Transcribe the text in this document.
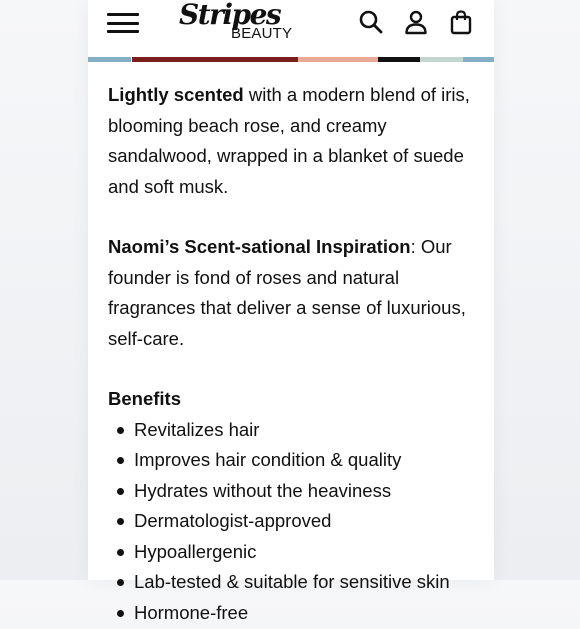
Stripes
BEAUTY

Lightly scented with a modern blend of iris, blooming beach rose, and creamy sandalwood, wrapped in a blanket of suede and soft musk.

Naomi’s Scent-sational Inspiration: Our founder is fond of roses and natural fragrances that deliver a sense of luxurious, self-care.

Benefits
Revitalizes hair
Improves hair condition & quality
Hydrates without the heaviness
Dermatologist-approved
Hypoallergenic
Lab-tested & suitable for sensitive skin
Hormone-free
